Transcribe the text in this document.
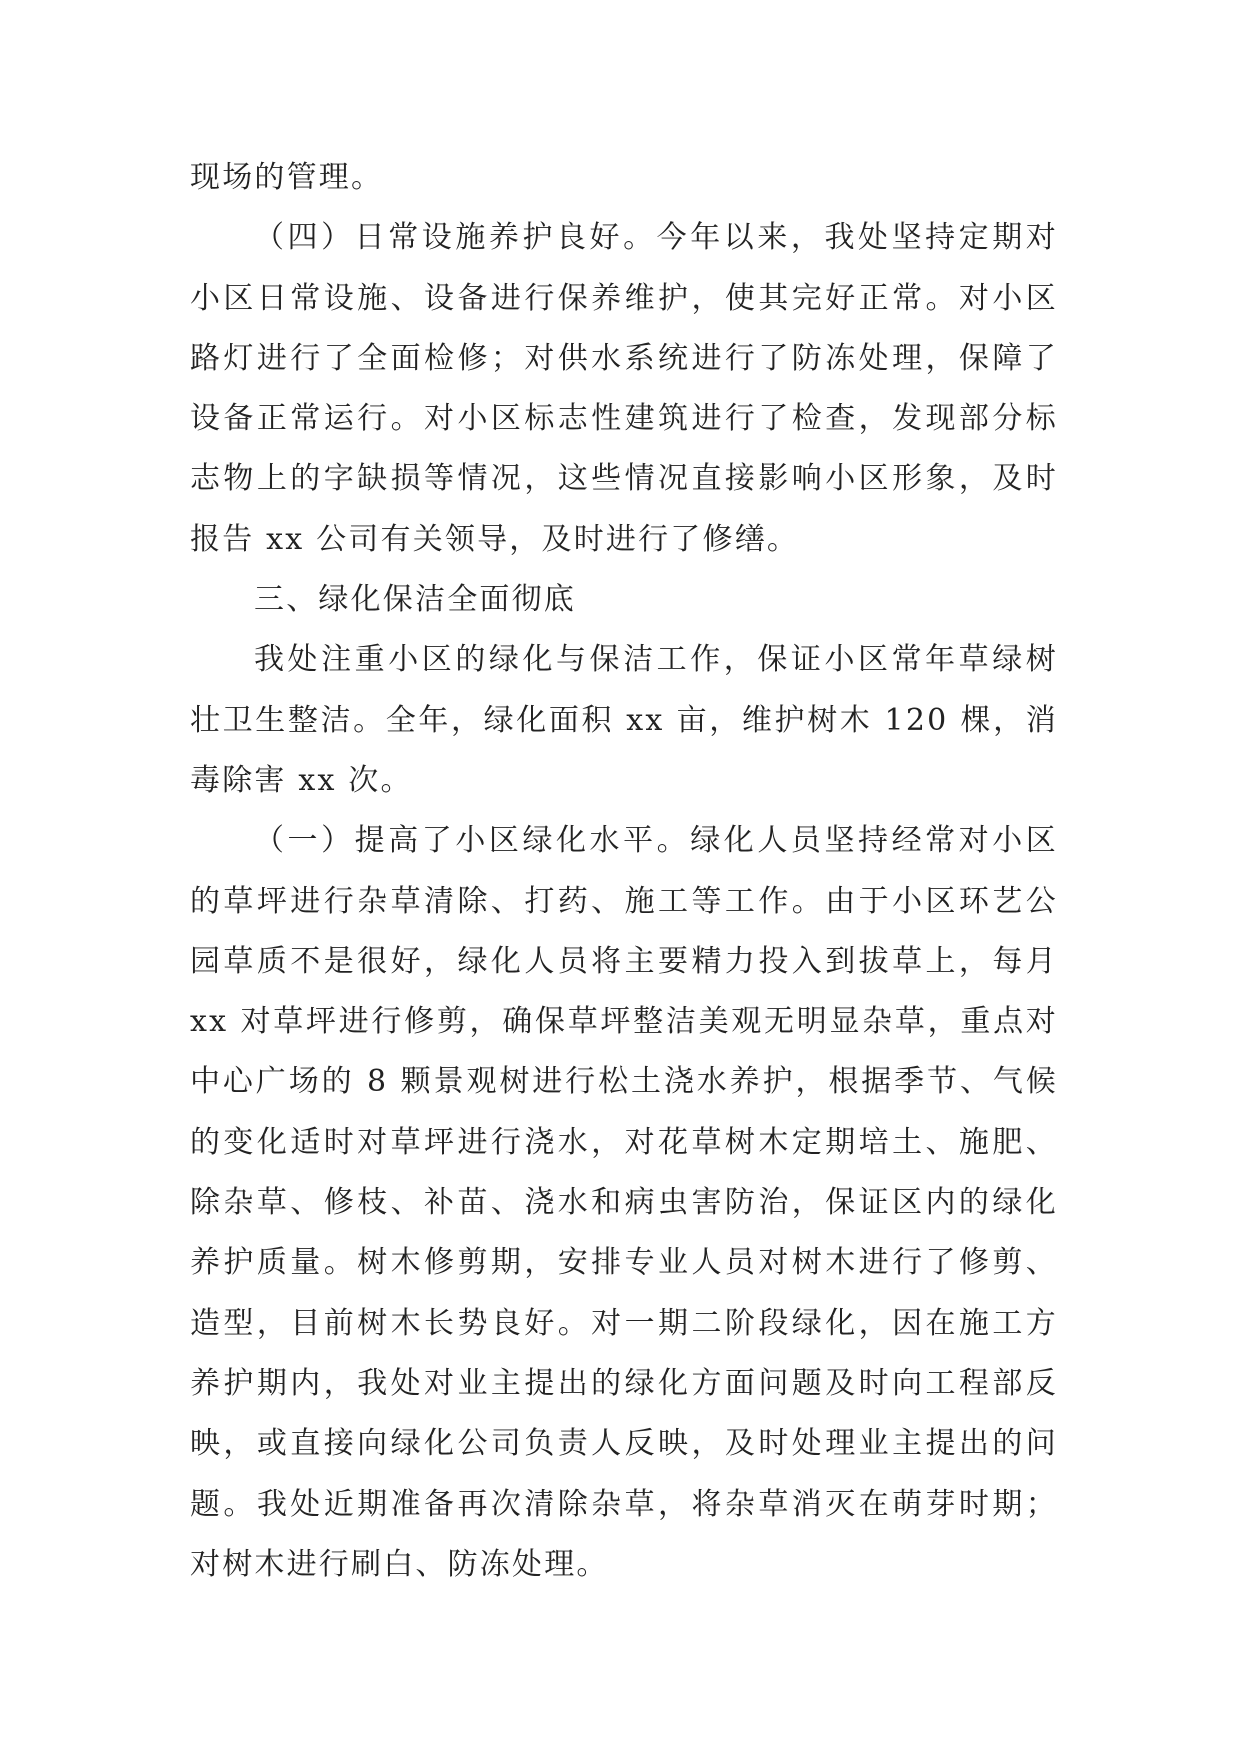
现场的管理。

（四）日常设施养护良好。今年以来，我处坚持定期对小区日常设施、设备进行保养维护，使其完好正常。对小区路灯进行了全面检修；对供水系统进行了防冻处理，保障了设备正常运行。对小区标志性建筑进行了检查，发现部分标志物上的字缺损等情况，这些情况直接影响小区形象，及时报告 xx 公司有关领导，及时进行了修缮。

三、绿化保洁全面彻底

我处注重小区的绿化与保洁工作，保证小区常年草绿树壮卫生整洁。全年，绿化面积 xx 亩，维护树木 120 棵，消毒除害 xx 次。

（一）提高了小区绿化水平。绿化人员坚持经常对小区的草坪进行杂草清除、打药、施工等工作。由于小区环艺公园草质不是很好，绿化人员将主要精力投入到拔草上，每月 xx 对草坪进行修剪，确保草坪整洁美观无明显杂草，重点对中心广场的 8 颗景观树进行松土浇水养护，根据季节、气候的变化适时对草坪进行浇水，对花草树木定期培土、施肥、除杂草、修枝、补苗、浇水和病虫害防治，保证区内的绿化养护质量。树木修剪期，安排专业人员对树木进行了修剪、造型，目前树木长势良好。对一期二阶段绿化，因在施工方养护期内，我处对业主提出的绿化方面问题及时向工程部反映，或直接向绿化公司负责人反映，及时处理业主提出的问题。我处近期准备再次清除杂草，将杂草消灭在萌芽时期；对树木进行刷白、防冻处理。
